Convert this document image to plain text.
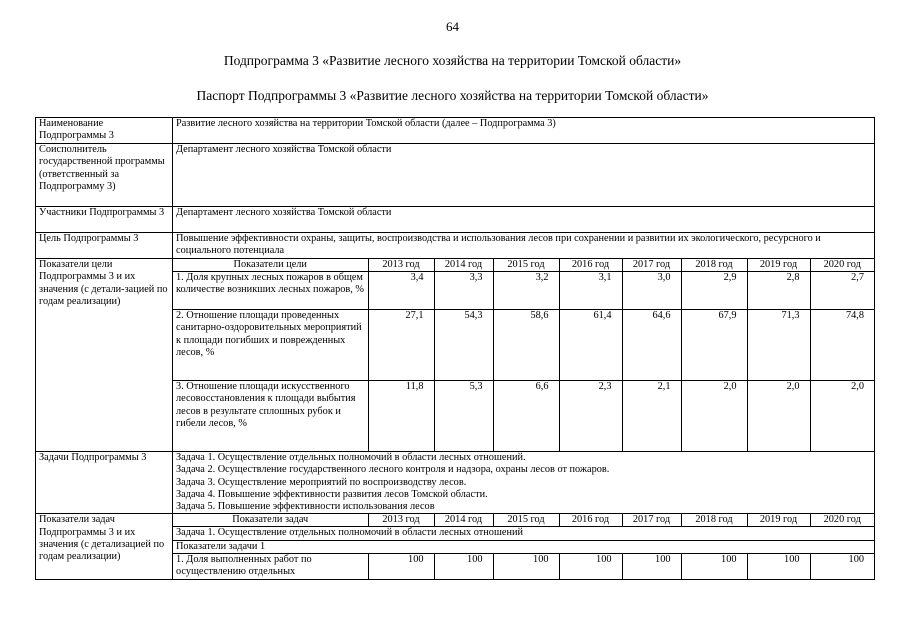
64
Подпрограмма 3 «Развитие лесного хозяйства на территории Томской области»
Паспорт Подпрограммы 3 «Развитие лесного хозяйства на территории Томской области»
Наименование Подпрограммы 3	Развитие лесного хозяйства на территории Томской области (далее – Подпрограмма 3)
Соисполнитель государственной программы (ответственный за Подпрограмму 3)	Департамент лесного хозяйства Томской области
Участники Подпрограммы 3	Департамент лесного хозяйства Томской области
Цель Подпрограммы 3	Повышение эффективности охраны, защиты, воспроизводства и использования лесов при сохранении и развитии их экологического, ресурсного и социального потенциала
Показатели цели Подпрограммы 3 и их значения (с детали-зацией по годам реализации)	
Показатели цели	2013 год	2014 год	2015 год	2016 год	2017 год	2018 год	2019 год	2020 год
1. Доля крупных лесных пожаров в общем количестве возникших лесных пожаров, %	3,4	3,3	3,2	3,1	3,0	2,9	2,8	2,7
2. Отношение площади проведенных санитарно-оздоровительных мероприятий к площади погибших и поврежденных лесов, %	27,1	54,3	58,6	61,4	64,6	67,9	71,3	74,8
3. Отношение площади искусственного лесовосстановления к площади выбытия лесов в результате сплошных рубок и гибели лесов, %	11,8	5,3	6,6	2,3	2,1	2,0	2,0	2,0

Задачи Подпрограммы 3	Задача 1. Осуществление отдельных полномочий в области лесных отношений.
Задача 2. Осуществление государственного лесного контроля и надзора, охраны лесов от пожаров.
Задача 3. Осуществление мероприятий по воспроизводству лесов.
Задача 4. Повышение эффективности развития лесов Томской области.
Задача 5. Повышение эффективности использования лесов

Показатели задач Подпрограммы 3 и их значения (с детализацией по годам реализации)	
Показатели задач	2013 год	2014 год	2015 год	2016 год	2017 год	2018 год	2019 год	2020 год
Задача 1. Осуществление отдельных полномочий в области лесных отношений
Показатели задачи 1
1. Доля выполненных работ по осуществлению отдельных	100	100	100	100	100	100	100	100
